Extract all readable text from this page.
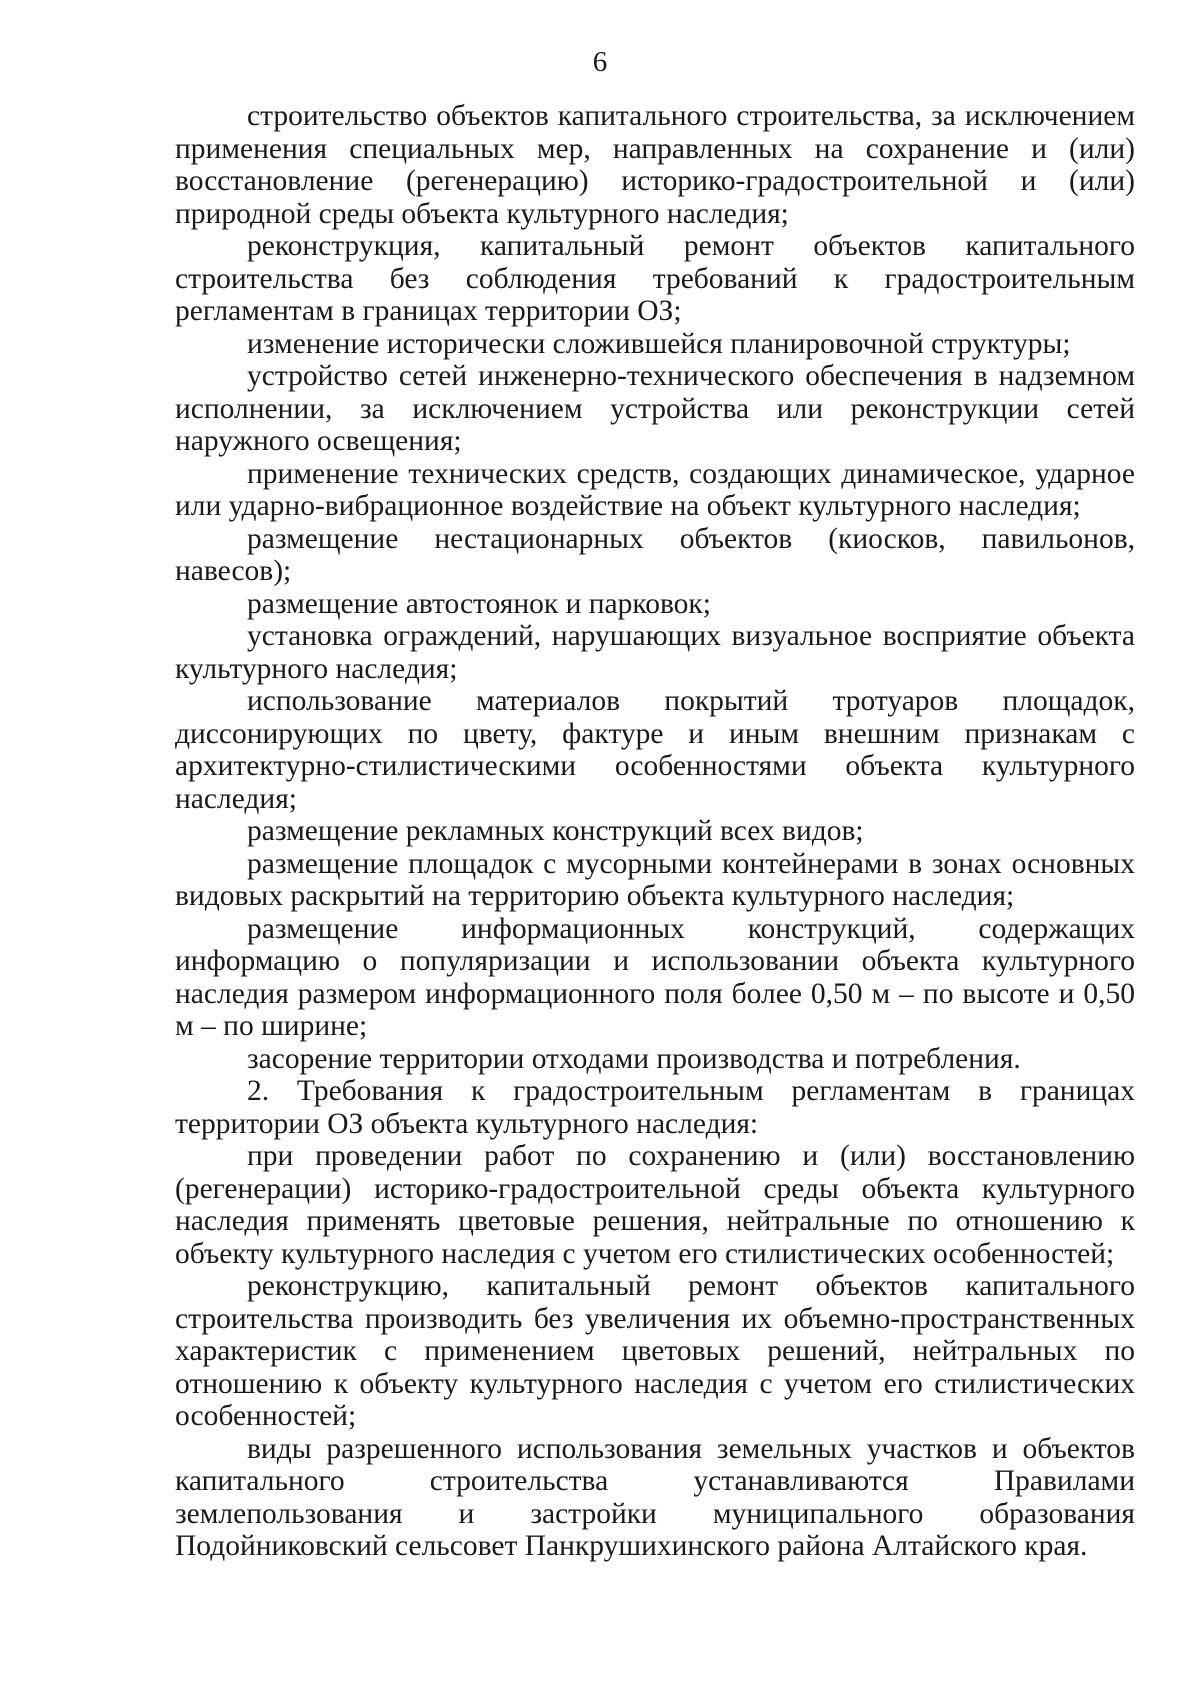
6

строительство объектов капитального строительства, за исключением применения специальных мер, направленных на сохранение и (или) восстановление (регенерацию) историко-градостроительной и (или) природной среды объекта культурного наследия;

реконструкция, капитальный ремонт объектов капитального строительства без соблюдения требований к градостроительным регламентам в границах территории ОЗ;

изменение исторически сложившейся планировочной структуры;

устройство сетей инженерно-технического обеспечения в надземном исполнении, за исключением устройства или реконструкции сетей наружного освещения;

применение технических средств, создающих динамическое, ударное или ударно-вибрационное воздействие на объект культурного наследия;

размещение нестационарных объектов (киосков, павильонов, навесов);

размещение автостоянок и парковок;

установка ограждений, нарушающих визуальное восприятие объекта культурного наследия;

использование материалов покрытий тротуаров площадок, диссонирующих по цвету, фактуре и иным внешним признакам с архитектурно-стилистическими особенностями объекта культурного наследия;

размещение рекламных конструкций всех видов;

размещение площадок с мусорными контейнерами в зонах основных видовых раскрытий на территорию объекта культурного наследия;

размещение информационных конструкций, содержащих информацию о популяризации и использовании объекта культурного наследия размером информационного поля более 0,50 м – по высоте и 0,50 м – по ширине;

засорение территории отходами производства и потребления.

2. Требования к градостроительным регламентам в границах территории ОЗ объекта культурного наследия:

при проведении работ по сохранению и (или) восстановлению (регенерации) историко-градостроительной среды объекта культурного наследия применять цветовые решения, нейтральные по отношению к объекту культурного наследия с учетом его стилистических особенностей;

реконструкцию, капитальный ремонт объектов капитального строительства производить без увеличения их объемно-пространственных характеристик с применением цветовых решений, нейтральных по отношению к объекту культурного наследия с учетом его стилистических особенностей;

виды разрешенного использования земельных участков и объектов капитального строительства устанавливаются Правилами землепользования и застройки муниципального образования Подойниковский сельсовет Панкрушихинского района Алтайского края.
